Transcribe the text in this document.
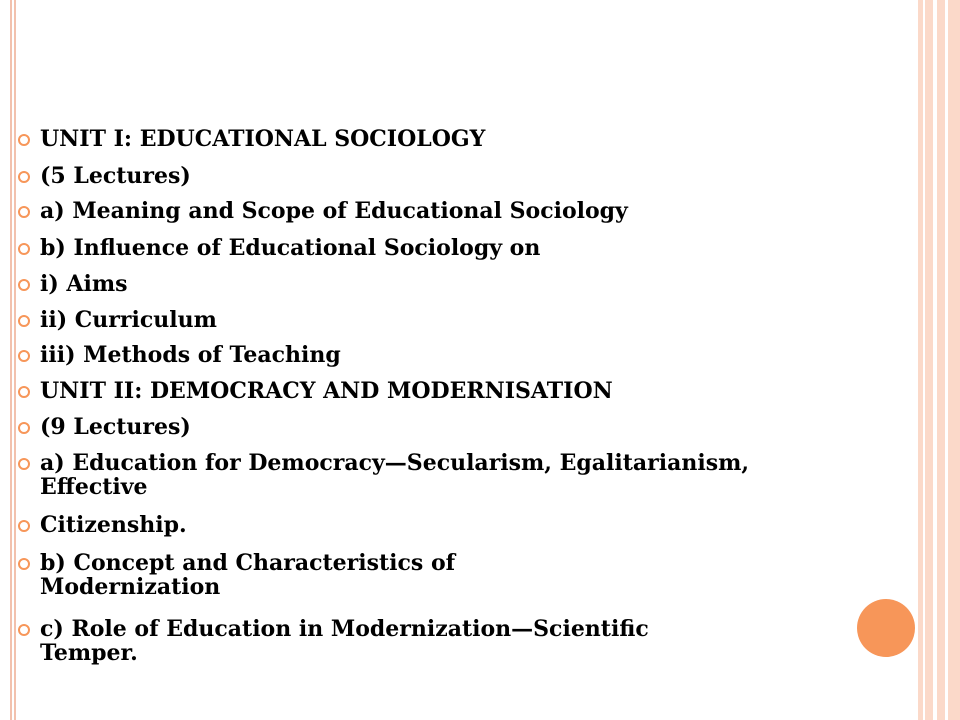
UNIT I: EDUCATIONAL SOCIOLOGY
(5 Lectures)
a) Meaning and Scope of Educational Sociology
b) Influence of Educational Sociology on
i) Aims
ii) Curriculum
iii) Methods of Teaching
UNIT II: DEMOCRACY AND MODERNISATION
(9 Lectures)
a) Education for Democracy—Secularism, Egalitarianism, Effective
Citizenship.
b) Concept and Characteristics of Modernization
c) Role of Education in Modernization—Scientific Temper.
